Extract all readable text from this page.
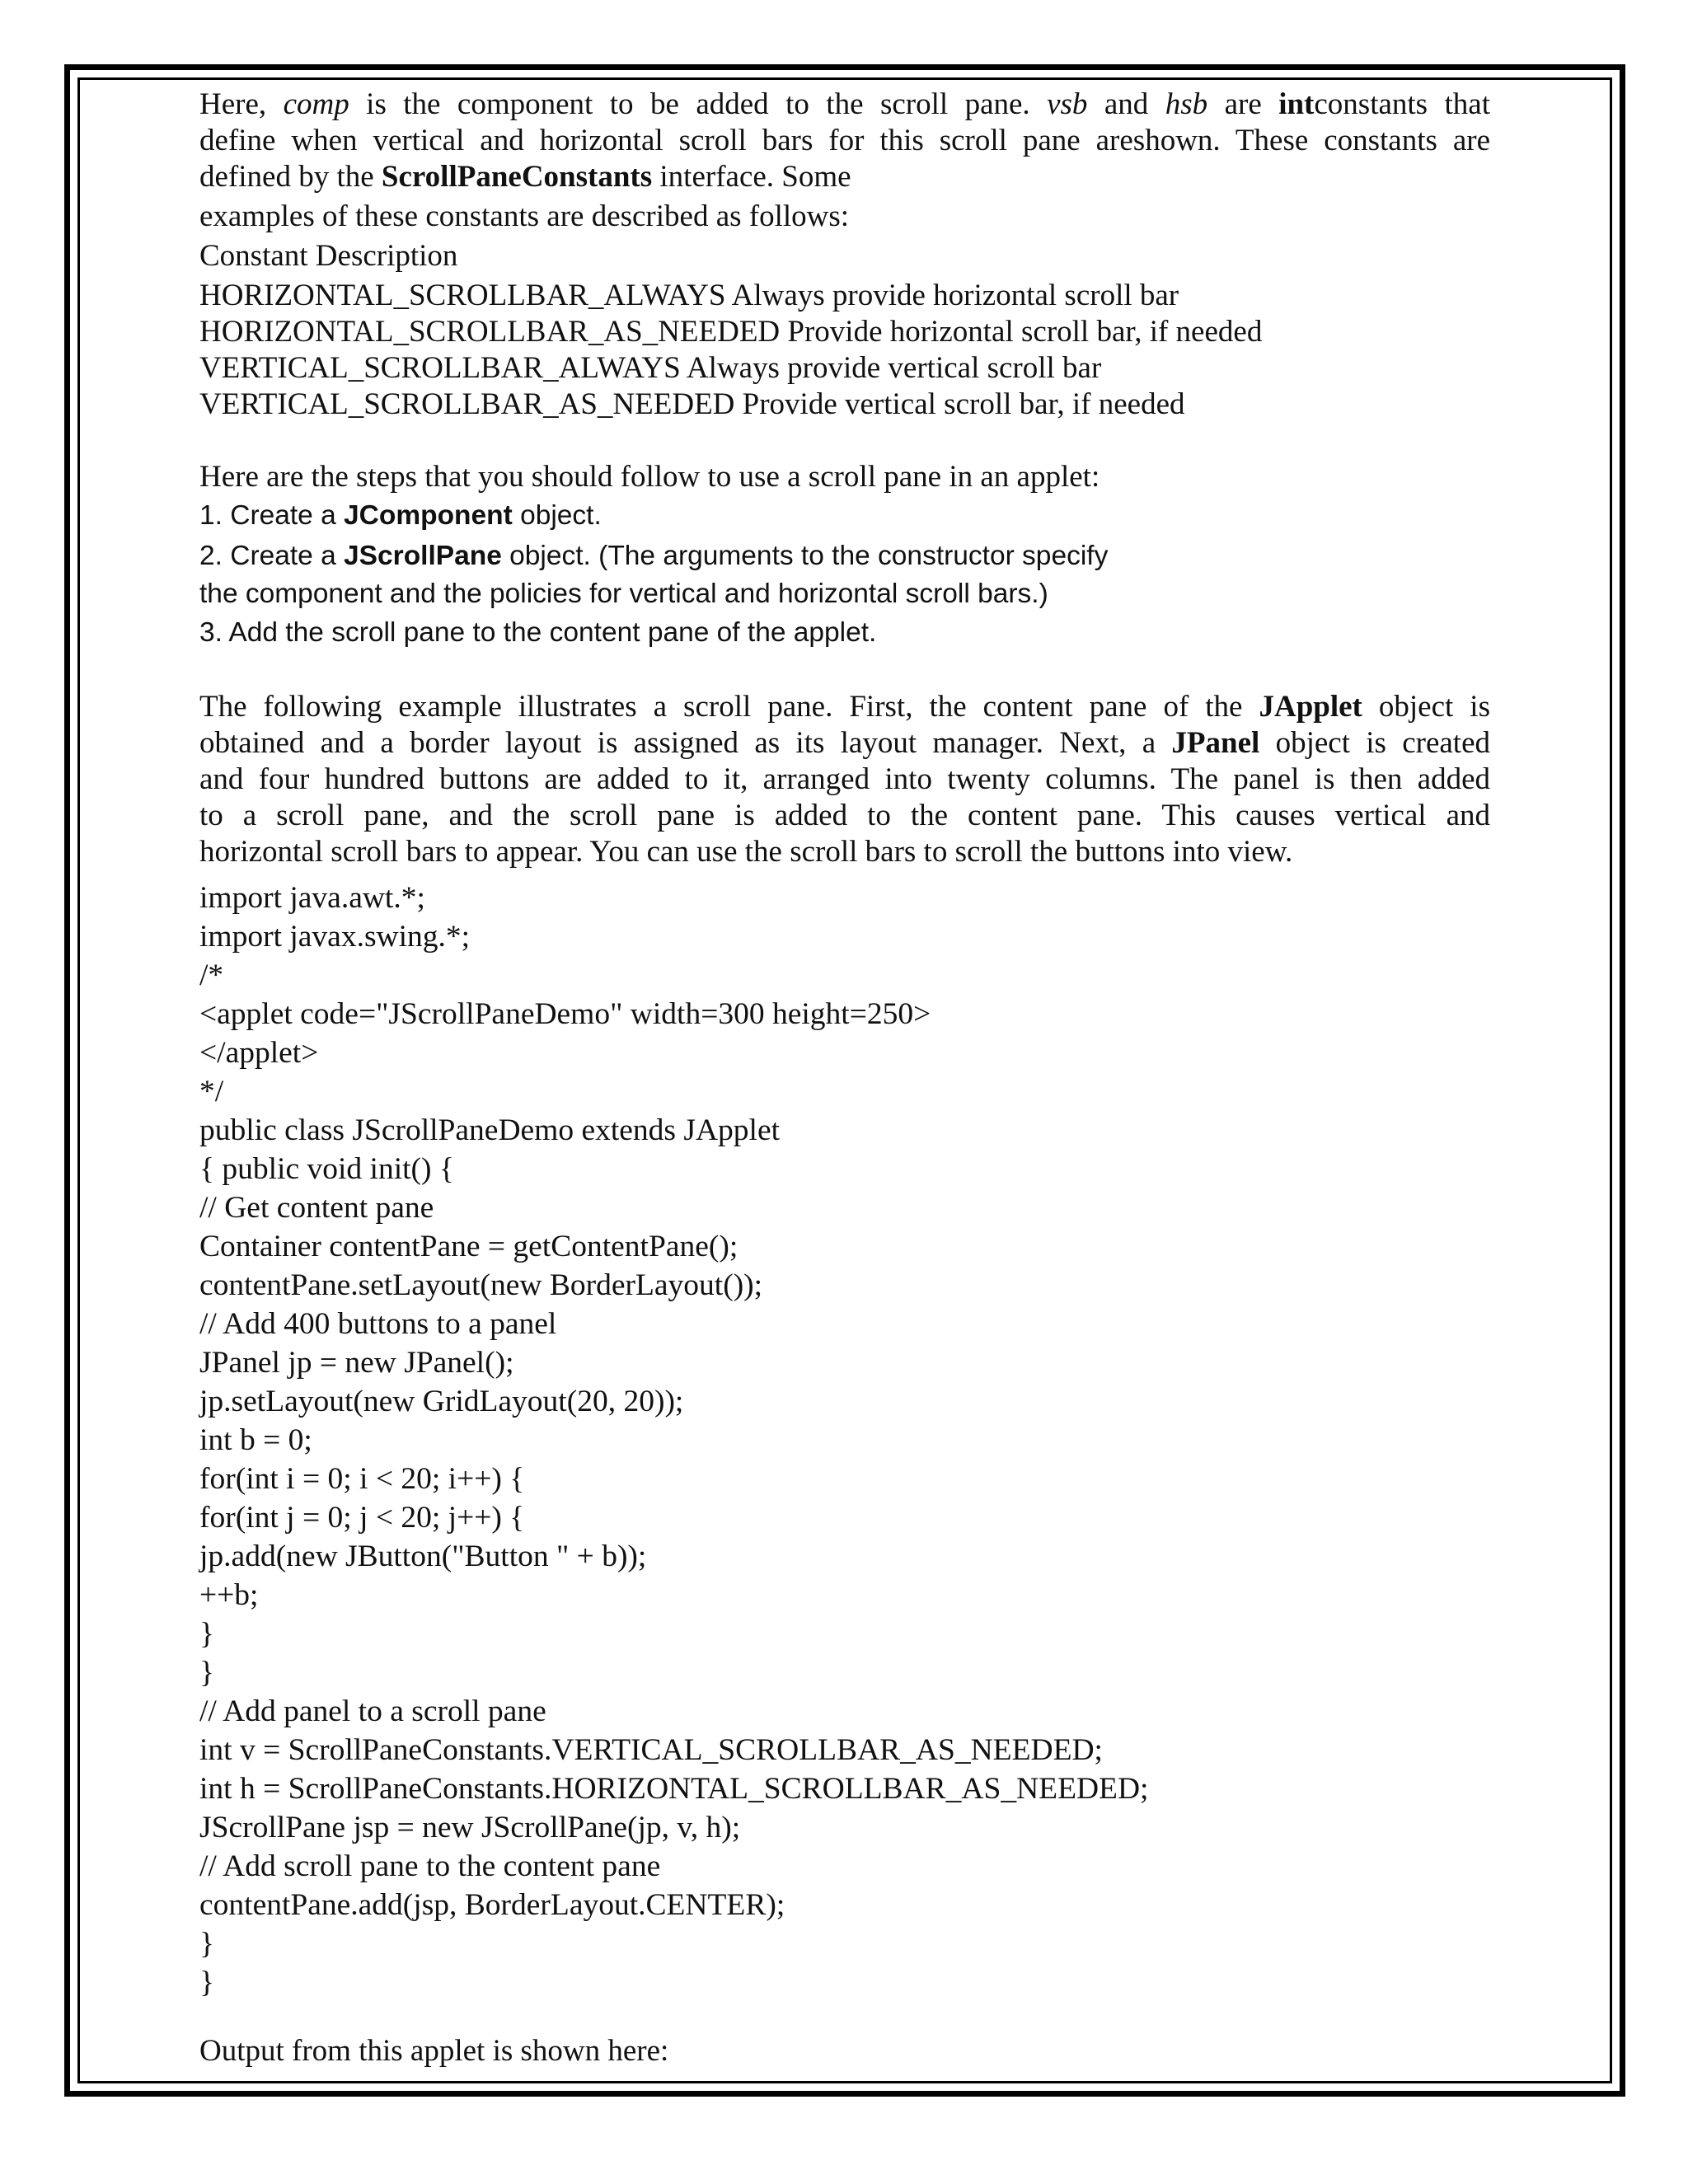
Here, comp is the component to be added to the scroll pane. vsb and hsb are intconstants that
define when vertical and horizontal scroll bars for this scroll pane areshown. These constants are
defined by the ScrollPaneConstants interface. Some
examples of these constants are described as follows:
Constant Description
HORIZONTAL_SCROLLBAR_ALWAYS Always provide horizontal scroll bar
HORIZONTAL_SCROLLBAR_AS_NEEDED Provide horizontal scroll bar, if needed
VERTICAL_SCROLLBAR_ALWAYS Always provide vertical scroll bar
VERTICAL_SCROLLBAR_AS_NEEDED Provide vertical scroll bar, if needed
Here are the steps that you should follow to use a scroll pane in an applet:
1. Create a JComponent object.
2. Create a JScrollPane object. (The arguments to the constructor specify
the component and the policies for vertical and horizontal scroll bars.)
3. Add the scroll pane to the content pane of the applet.
The following example illustrates a scroll pane. First, the content pane of the JApplet object is
obtained and a border layout is assigned as its layout manager. Next, a JPanel object is created
and four hundred buttons are added to it, arranged into twenty columns. The panel is then added
to a scroll pane, and the scroll pane is added to the content pane. This causes vertical and
horizontal scroll bars to appear. You can use the scroll bars to scroll the buttons into view.
import java.awt.*;
import javax.swing.*;
/*
<applet code="JScrollPaneDemo" width=300 height=250>
</applet>
*/
public class JScrollPaneDemo extends JApplet
{ public void init() {
// Get content pane
Container contentPane = getContentPane();
contentPane.setLayout(new BorderLayout());
// Add 400 buttons to a panel
JPanel jp = new JPanel();
jp.setLayout(new GridLayout(20, 20));
int b = 0;
for(int i = 0; i < 20; i++) {
for(int j = 0; j < 20; j++) {
jp.add(new JButton("Button " + b));
++b;
}
}
// Add panel to a scroll pane
int v = ScrollPaneConstants.VERTICAL_SCROLLBAR_AS_NEEDED;
int h = ScrollPaneConstants.HORIZONTAL_SCROLLBAR_AS_NEEDED;
JScrollPane jsp = new JScrollPane(jp, v, h);
// Add scroll pane to the content pane
contentPane.add(jsp, BorderLayout.CENTER);
}
}
Output from this applet is shown here:
